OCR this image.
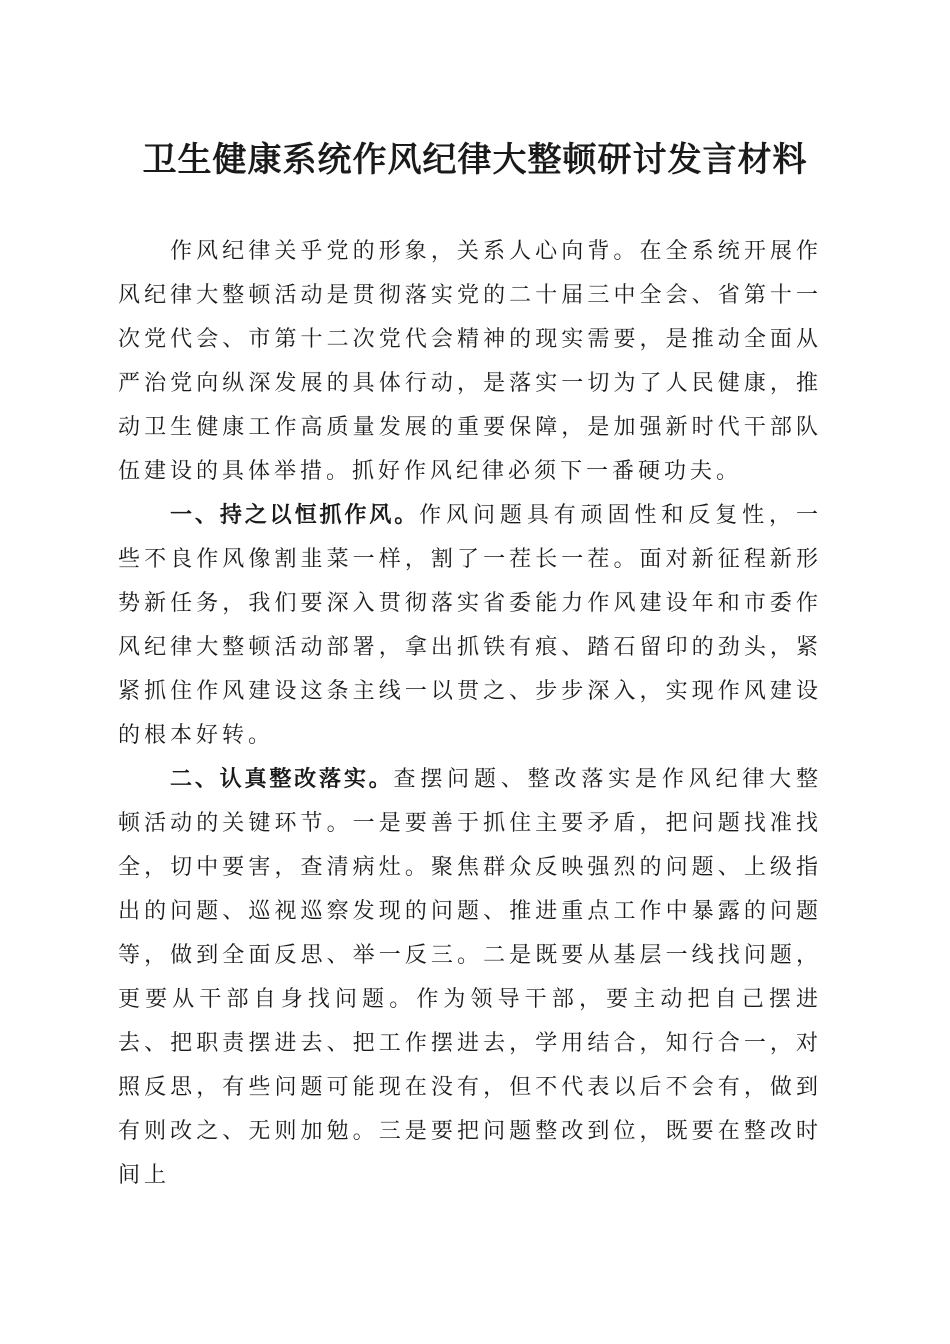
卫生健康系统作风纪律大整顿研讨发言材料

作风纪律关乎党的形象，关系人心向背。在全系统开展作风纪律大整顿活动是贯彻落实党的二十届三中全会、省第十一次党代会、市第十二次党代会精神的现实需要，是推动全面从严治党向纵深发展的具体行动，是落实一切为了人民健康，推动卫生健康工作高质量发展的重要保障，是加强新时代干部队伍建设的具体举措。抓好作风纪律必须下一番硬功夫。

一、持之以恒抓作风。作风问题具有顽固性和反复性，一些不良作风像割韭菜一样，割了一茬长一茬。面对新征程新形势新任务，我们要深入贯彻落实省委能力作风建设年和市委作风纪律大整顿活动部署，拿出抓铁有痕、踏石留印的劲头，紧紧抓住作风建设这条主线一以贯之、步步深入，实现作风建设的根本好转。

二、认真整改落实。查摆问题、整改落实是作风纪律大整顿活动的关键环节。一是要善于抓住主要矛盾，把问题找准找全，切中要害，查清病灶。聚焦群众反映强烈的问题、上级指出的问题、巡视巡察发现的问题、推进重点工作中暴露的问题等，做到全面反思、举一反三。二是既要从基层一线找问题，更要从干部自身找问题。作为领导干部，要主动把自己摆进去、把职责摆进去、把工作摆进去，学用结合，知行合一，对照反思，有些问题可能现在没有，但不代表以后不会有，做到有则改之、无则加勉。三是要把问题整改到位，既要在整改时间上
